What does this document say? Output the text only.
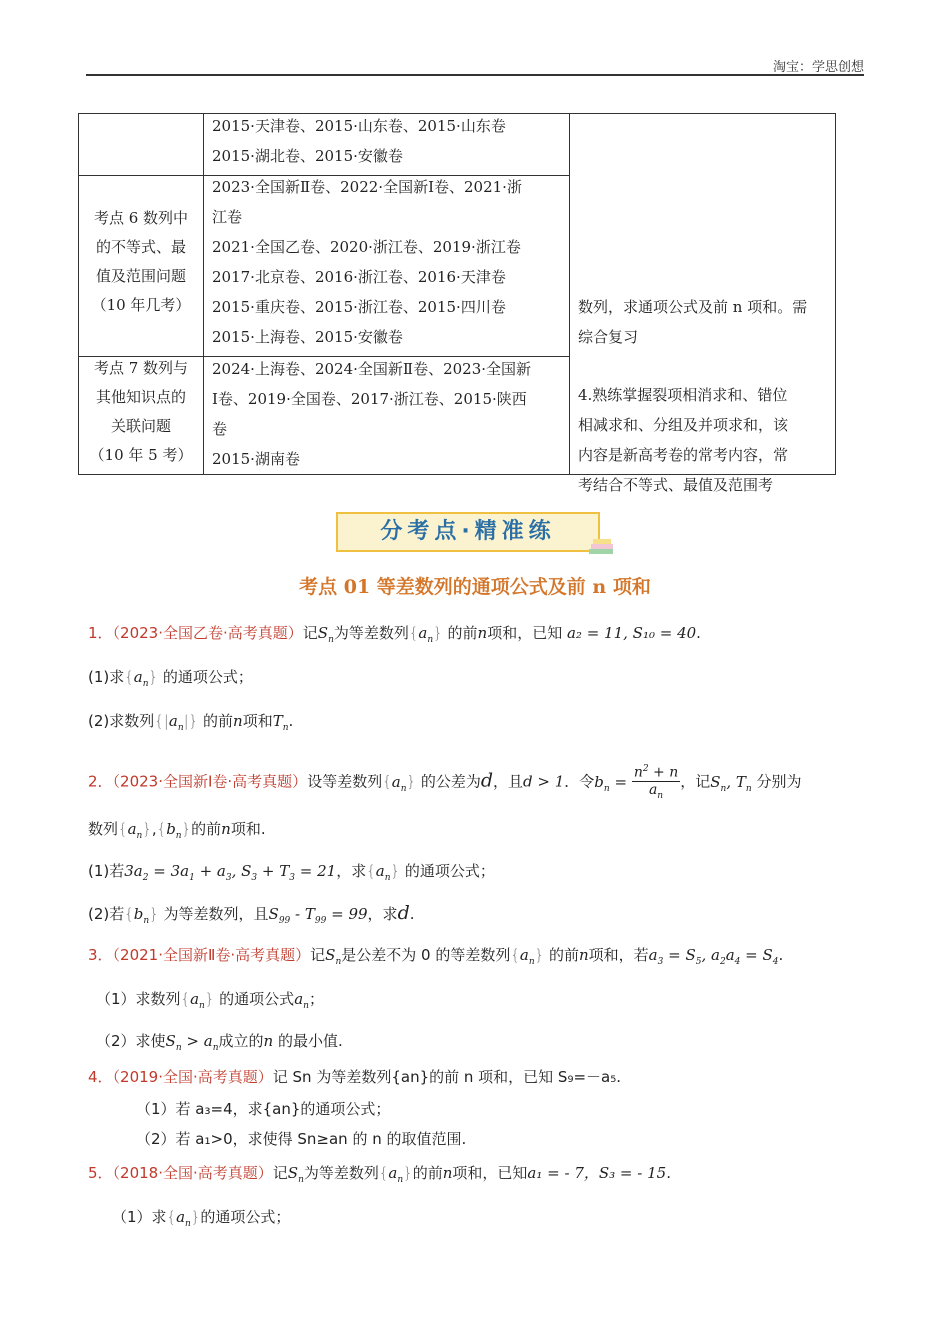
淘宝：学思创想
2015·天津卷、2015·山东卷、2015·山东卷
2015·湖北卷、2015·安徽卷
考点 6 数列中
的不等式、最
值及范围问题
（10 年几考）
2023·全国新Ⅱ卷、2022·全国新Ⅰ卷、2021·浙
江卷
2021·全国乙卷、2020·浙江卷、2019·浙江卷
2017·北京卷、2016·浙江卷、2016·天津卷
2015·重庆卷、2015·浙江卷、2015·四川卷
2015·上海卷、2015·安徽卷
考点 7 数列与
其他知识点的
关联问题
（10 年 5 考）
2024·上海卷、2024·全国新Ⅱ卷、2023·全国新
Ⅰ卷、2019·全国卷、2017·浙江卷、2015·陕西
卷
2015·湖南卷
数列，求通项公式及前 n 项和。需
综合复习
4.熟练掌握裂项相消求和、错位
相减求和、分组及并项求和，该
内容是新高考卷的常考内容，常
考结合不等式、最值及范围考
分考点·精准练
考点 01 等差数列的通项公式及前 n 项和
1．（2023·全国乙卷·高考真题）记$S_n$为等差数列$\{a_n\}$ 的前n项和，已知 a₂ = 11, S₁₀ = 40.
(1)求$\{a_n\}$ 的通项公式；
(2)求数列$\{|a_n|\}$ 的前n项和$T_n$.
2．（2023·全国新Ⅰ卷·高考真题）设等差数列$\{a_n\}$ 的公差为d，且d > 1．令$b_n = \frac{n^2 + n}{a_n}$ ，记$S_n$, $T_n$ 分别为
数列$\{a_n\},\{b_n\}$的前n项和.
(1)若$3a_2 = 3a_1 + a_3$, $S_3 + T_3 = 21$，求$\{a_n\}$ 的通项公式；
(2)若$\{b_n\}$ 为等差数列，且$S_{99} - T_{99} = 99$，求d.
3．（2021·全国新Ⅱ卷·高考真题）记$S_n$是公差不为 0 的等差数列$\{a_n\}$ 的前n项和，若$a_3 = S_5$, $a_2a_4 = S_4$.
（1）求数列$\{a_n\}$ 的通项公式$a_n$；
（2）求使$S_n > a_n$成立的n 的最小值.
4．（2019·全国·高考真题）记 Sn 为等差数列{an}的前 n 项和，已知 S₉=－a₅.
（1）若 a₃=4，求{an}的通项公式；
（2）若 a₁>0，求使得 Sn≥an 的 n 的取值范围.
5．（2018·全国·高考真题）记$S_n$为等差数列$\{a_n\}$的前n项和，已知a₁ = - 7，S₃ = - 15.
（1）求$\{a_n\}$的通项公式；
